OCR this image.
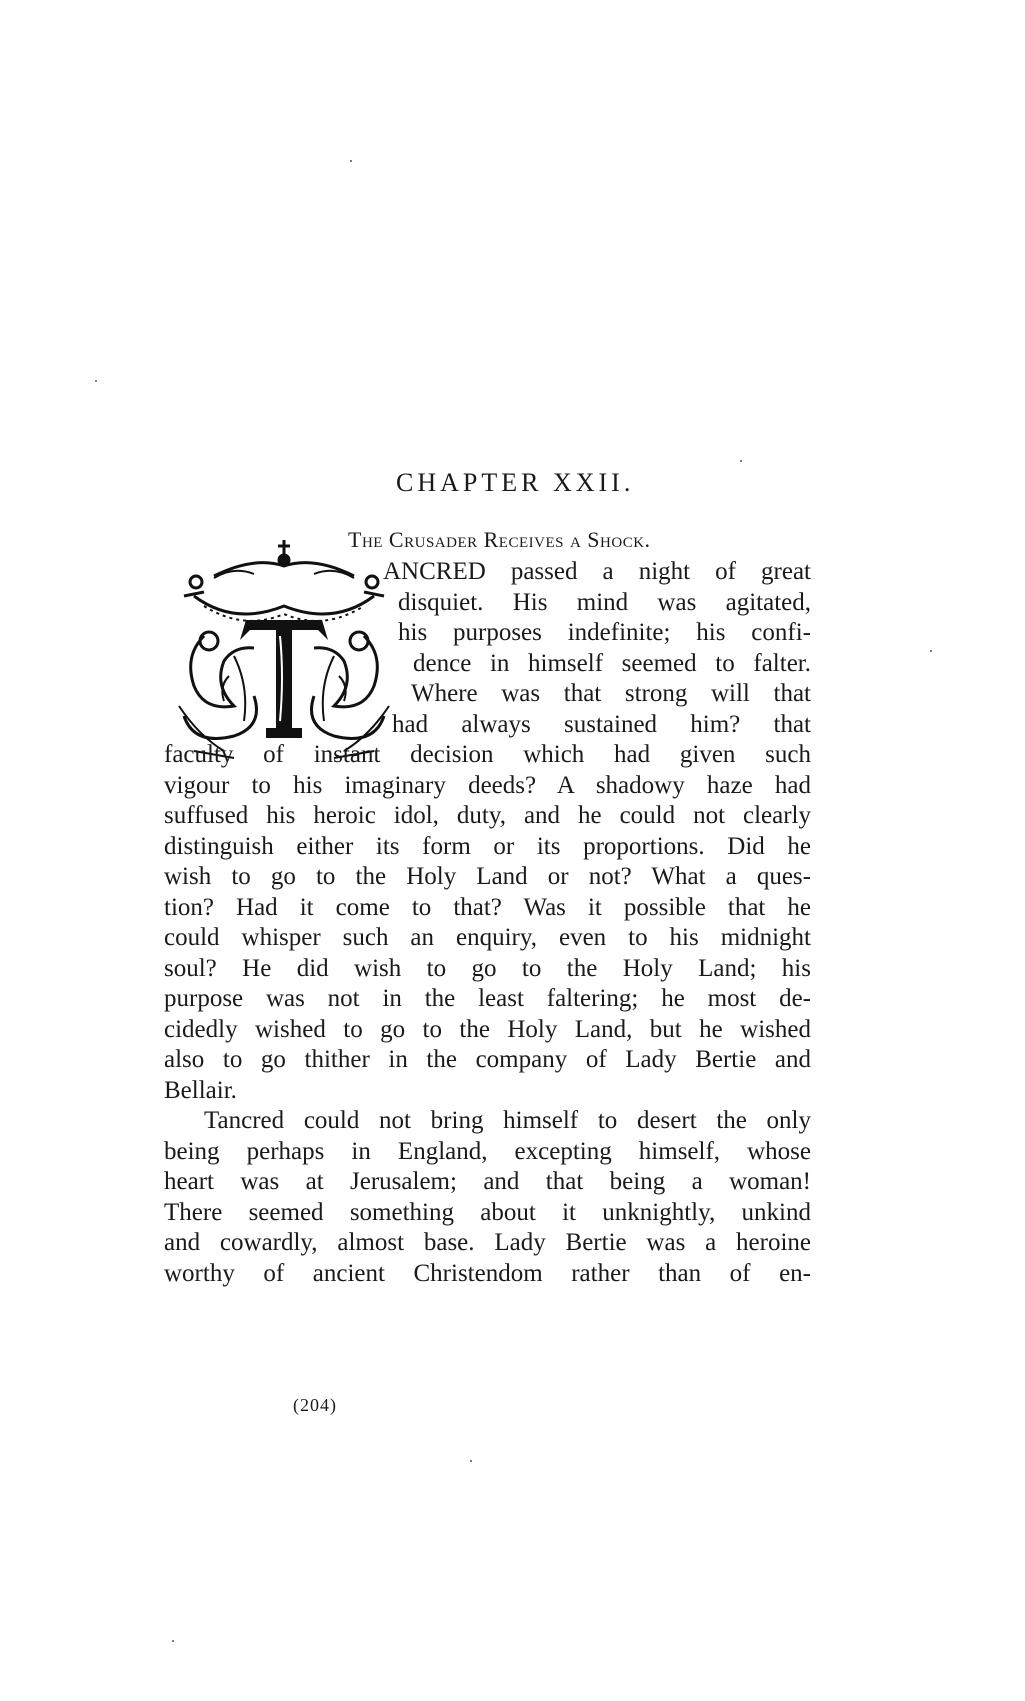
CHAPTER XXII.
The Crusader Receives a Shock.
ANCRED passed a night of great
disquiet. His mind was agitated,
his purposes indefinite; his confi-
dence in himself seemed to falter.
Where was that strong will that
had always sustained him? that
faculty of instant decision which had given such
vigour to his imaginary deeds? A shadowy haze had
suffused his heroic idol, duty, and he could not clearly
distinguish either its form or its proportions. Did he
wish to go to the Holy Land or not? What a ques-
tion? Had it come to that? Was it possible that he
could whisper such an enquiry, even to his midnight
soul? He did wish to go to the Holy Land; his
purpose was not in the least faltering; he most de-
cidedly wished to go to the Holy Land, but he wished
also to go thither in the company of Lady Bertie and
Bellair.
Tancred could not bring himself to desert the only
being perhaps in England, excepting himself, whose
heart was at Jerusalem; and that being a woman!
There seemed something about it unknightly, unkind
and cowardly, almost base. Lady Bertie was a heroine
worthy of ancient Christendom rather than of en-
(204)
